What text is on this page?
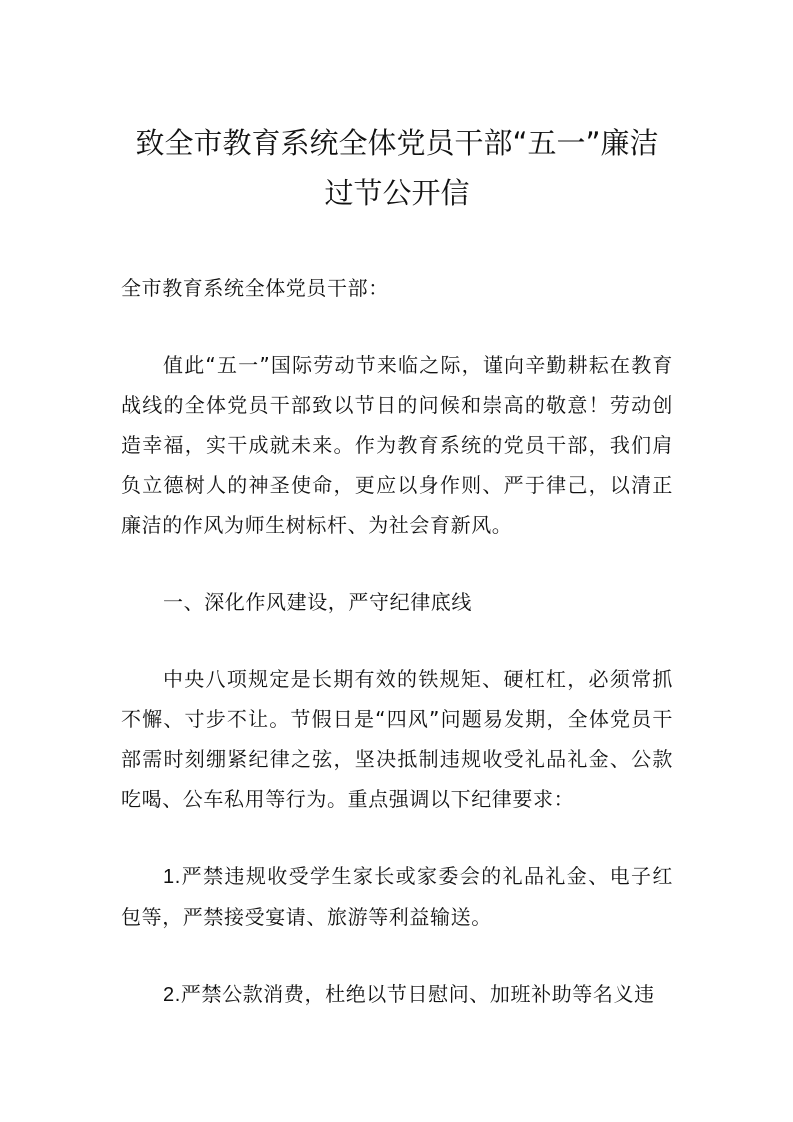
致全市教育系统全体党员干部“五一”廉洁
过节公开信

全市教育系统全体党员干部：

值此“五一”国际劳动节来临之际，谨向辛勤耕耘在教育战线的全体党员干部致以节日的问候和崇高的敬意！劳动创造幸福，实干成就未来。作为教育系统的党员干部，我们肩负立德树人的神圣使命，更应以身作则、严于律己，以清正廉洁的作风为师生树标杆、为社会育新风。

一、深化作风建设，严守纪律底线

中央八项规定是长期有效的铁规矩、硬杠杠，必须常抓不懈、寸步不让。节假日是“四风”问题易发期，全体党员干部需时刻绷紧纪律之弦，坚决抵制违规收受礼品礼金、公款吃喝、公车私用等行为。重点强调以下纪律要求：

1.严禁违规收受学生家长或家委会的礼品礼金、电子红包等，严禁接受宴请、旅游等利益输送。

2.严禁公款消费，杜绝以节日慰问、加班补助等名义违
